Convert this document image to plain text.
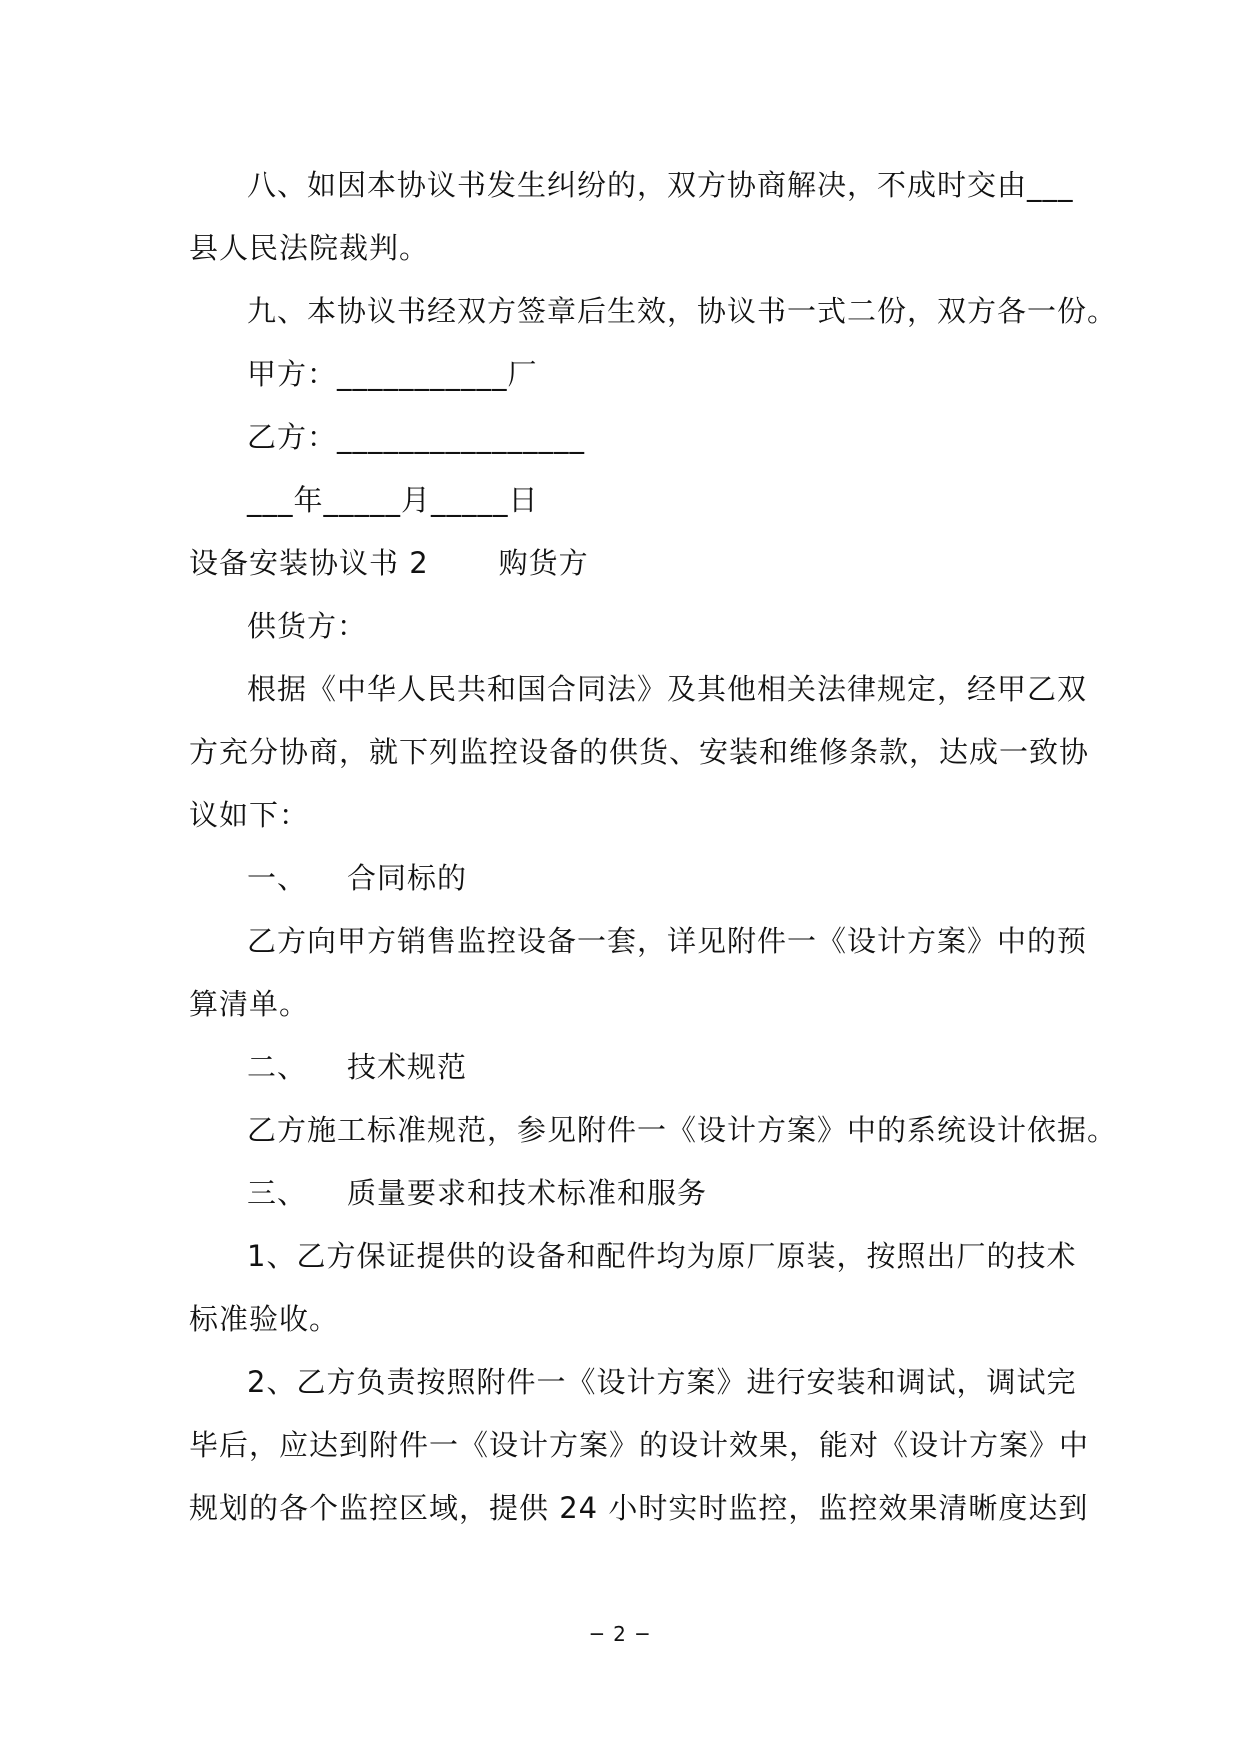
八、如因本协议书发生纠纷的，双方协商解决，不成时交由___
县人民法院裁判。
九、本协议书经双方签章后生效，协议书一式二份，双方各一份。
甲方：___________厂
乙方：________________
___年_____月_____日
设备安装协议书 2 购货方
供货方：
根据《中华人民共和国合同法》及其他相关法律规定，经甲乙双
方充分协商，就下列监控设备的供货、安装和维修条款，达成一致协
议如下：
一、 合同标的
乙方向甲方销售监控设备一套，详见附件一《设计方案》中的预
算清单。
二、 技术规范
乙方施工标准规范，参见附件一《设计方案》中的系统设计依据。
三、 质量要求和技术标准和服务
1、乙方保证提供的设备和配件均为原厂原装，按照出厂的技术
标准验收。
2、乙方负责按照附件一《设计方案》进行安装和调试，调试完
毕后，应达到附件一《设计方案》的设计效果，能对《设计方案》中
规划的各个监控区域，提供 24 小时实时监控，监控效果清晰度达到
─ 2 ─
